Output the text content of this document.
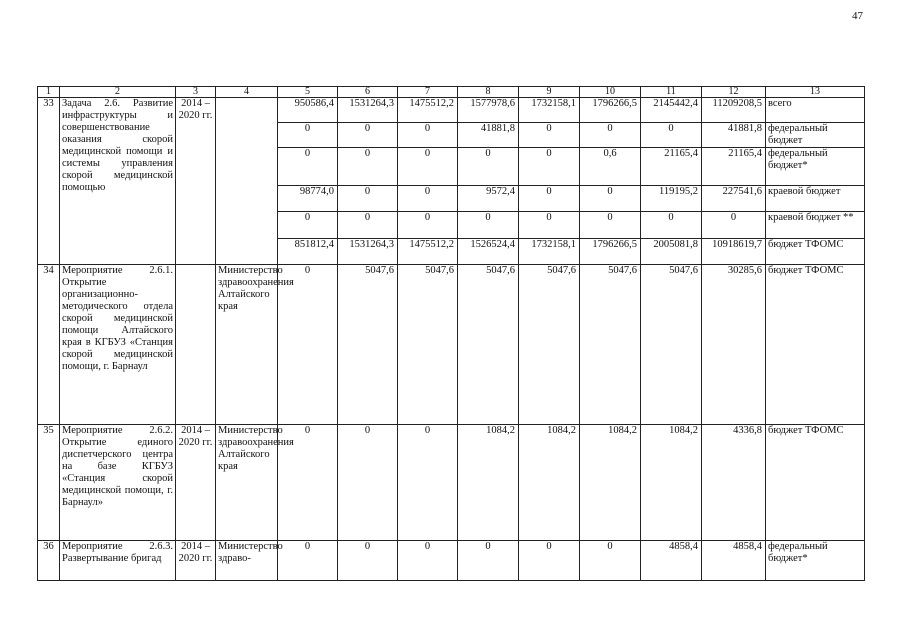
47
1	2	3	4	5	6	7	8	9	10	11	12	13
33	Задача 2.6. Развитие инфраструктуры и совершенствование оказания скорой медицинской помощи и системы управления скорой медицинской помощью	2014 – 2020 гг.		950586,4	1531264,3	1475512,2	1577978,6	1732158,1	1796266,5	2145442,4	11209208,5	всего
				0	0	0	41881,8	0	0	0	41881,8	федеральный бюджет
				0	0	0	0	0	0,6	21165,4	21165,4	федеральный бюджет*
				98774,0	0	0	9572,4	0	0	119195,2	227541,6	краевой бюджет
				0	0	0	0	0	0	0	0	краевой бюджет **
				851812,4	1531264,3	1475512,2	1526524,4	1732158,1	1796266,5	2005081,8	10918619,7	бюджет ТФОМС
34	Мероприятие 2.6.1. Открытие организационно-методического отдела скорой медицинской помощи Алтайского края в КГБУЗ «Станция скорой медицинской помощи, г. Барнаул		Министерство здравоохранения Алтайского края	0	5047,6	5047,6	5047,6	5047,6	5047,6	5047,6	30285,6	бюджет ТФОМС
35	Мероприятие 2.6.2. Открытие единого диспетчерского центра на базе КГБУЗ «Станция скорой медицинской помощи, г. Барнаул»	2014 – 2020 гг.	Министерство здравоохранения Алтайского края	0	0	0	1084,2	1084,2	1084,2	1084,2	4336,8	бюджет ТФОМС
36	Мероприятие 2.6.3. Развертывание бригад	2014 – 2020 гг.	Министерство здраво-	0	0	0	0	0	0	4858,4	4858,4	федеральный бюджет*
